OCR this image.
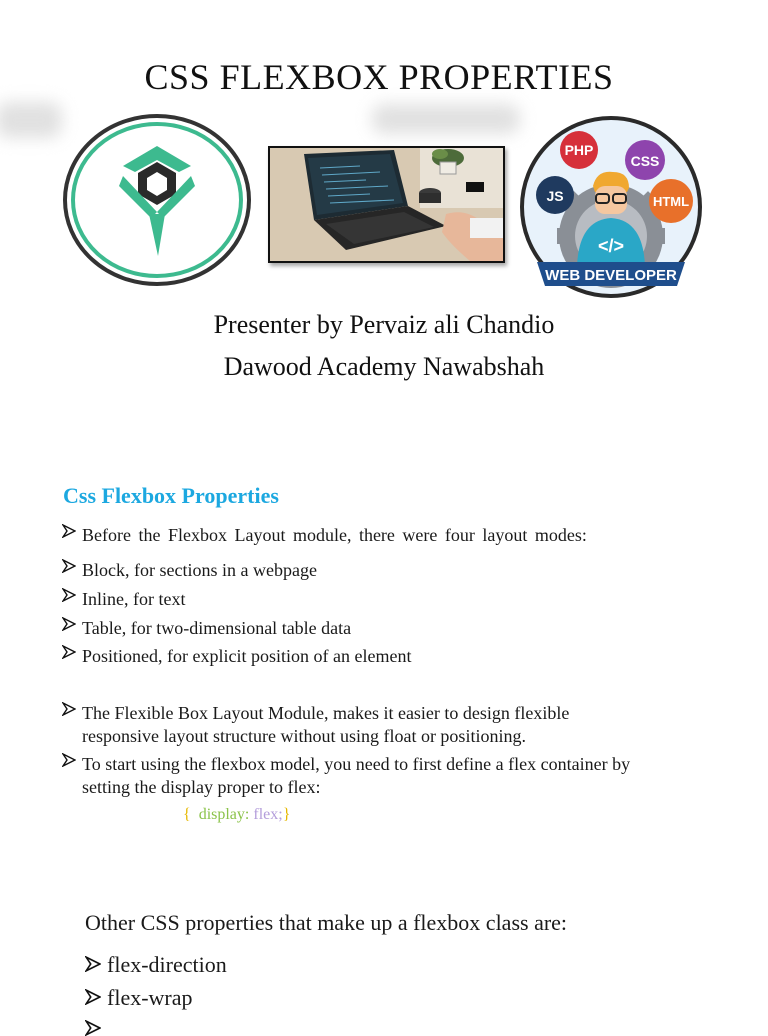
CSS FLEXBOX PROPERTIES
PHP
CSS
JS	HTML
</>
WEB DEVELOPER
Presenter by Pervaiz ali Chandio
Dawood Academy Nawabshah
Css Flexbox Properties
Before the Flexbox Layout module, there were four layout modes:
Block, for sections in a webpage
Inline, for text
Table, for two-dimensional table data
Positioned, for explicit position of an element
The Flexible Box Layout Module, makes it easier to design flexible
responsive layout structure without using float or positioning.
To start using the flexbox model, you need to first define a flex container by
setting the display proper to flex:
{ display: flex;}
Other CSS properties that make up a flexbox class are:
flex-direction
flex-wrap
